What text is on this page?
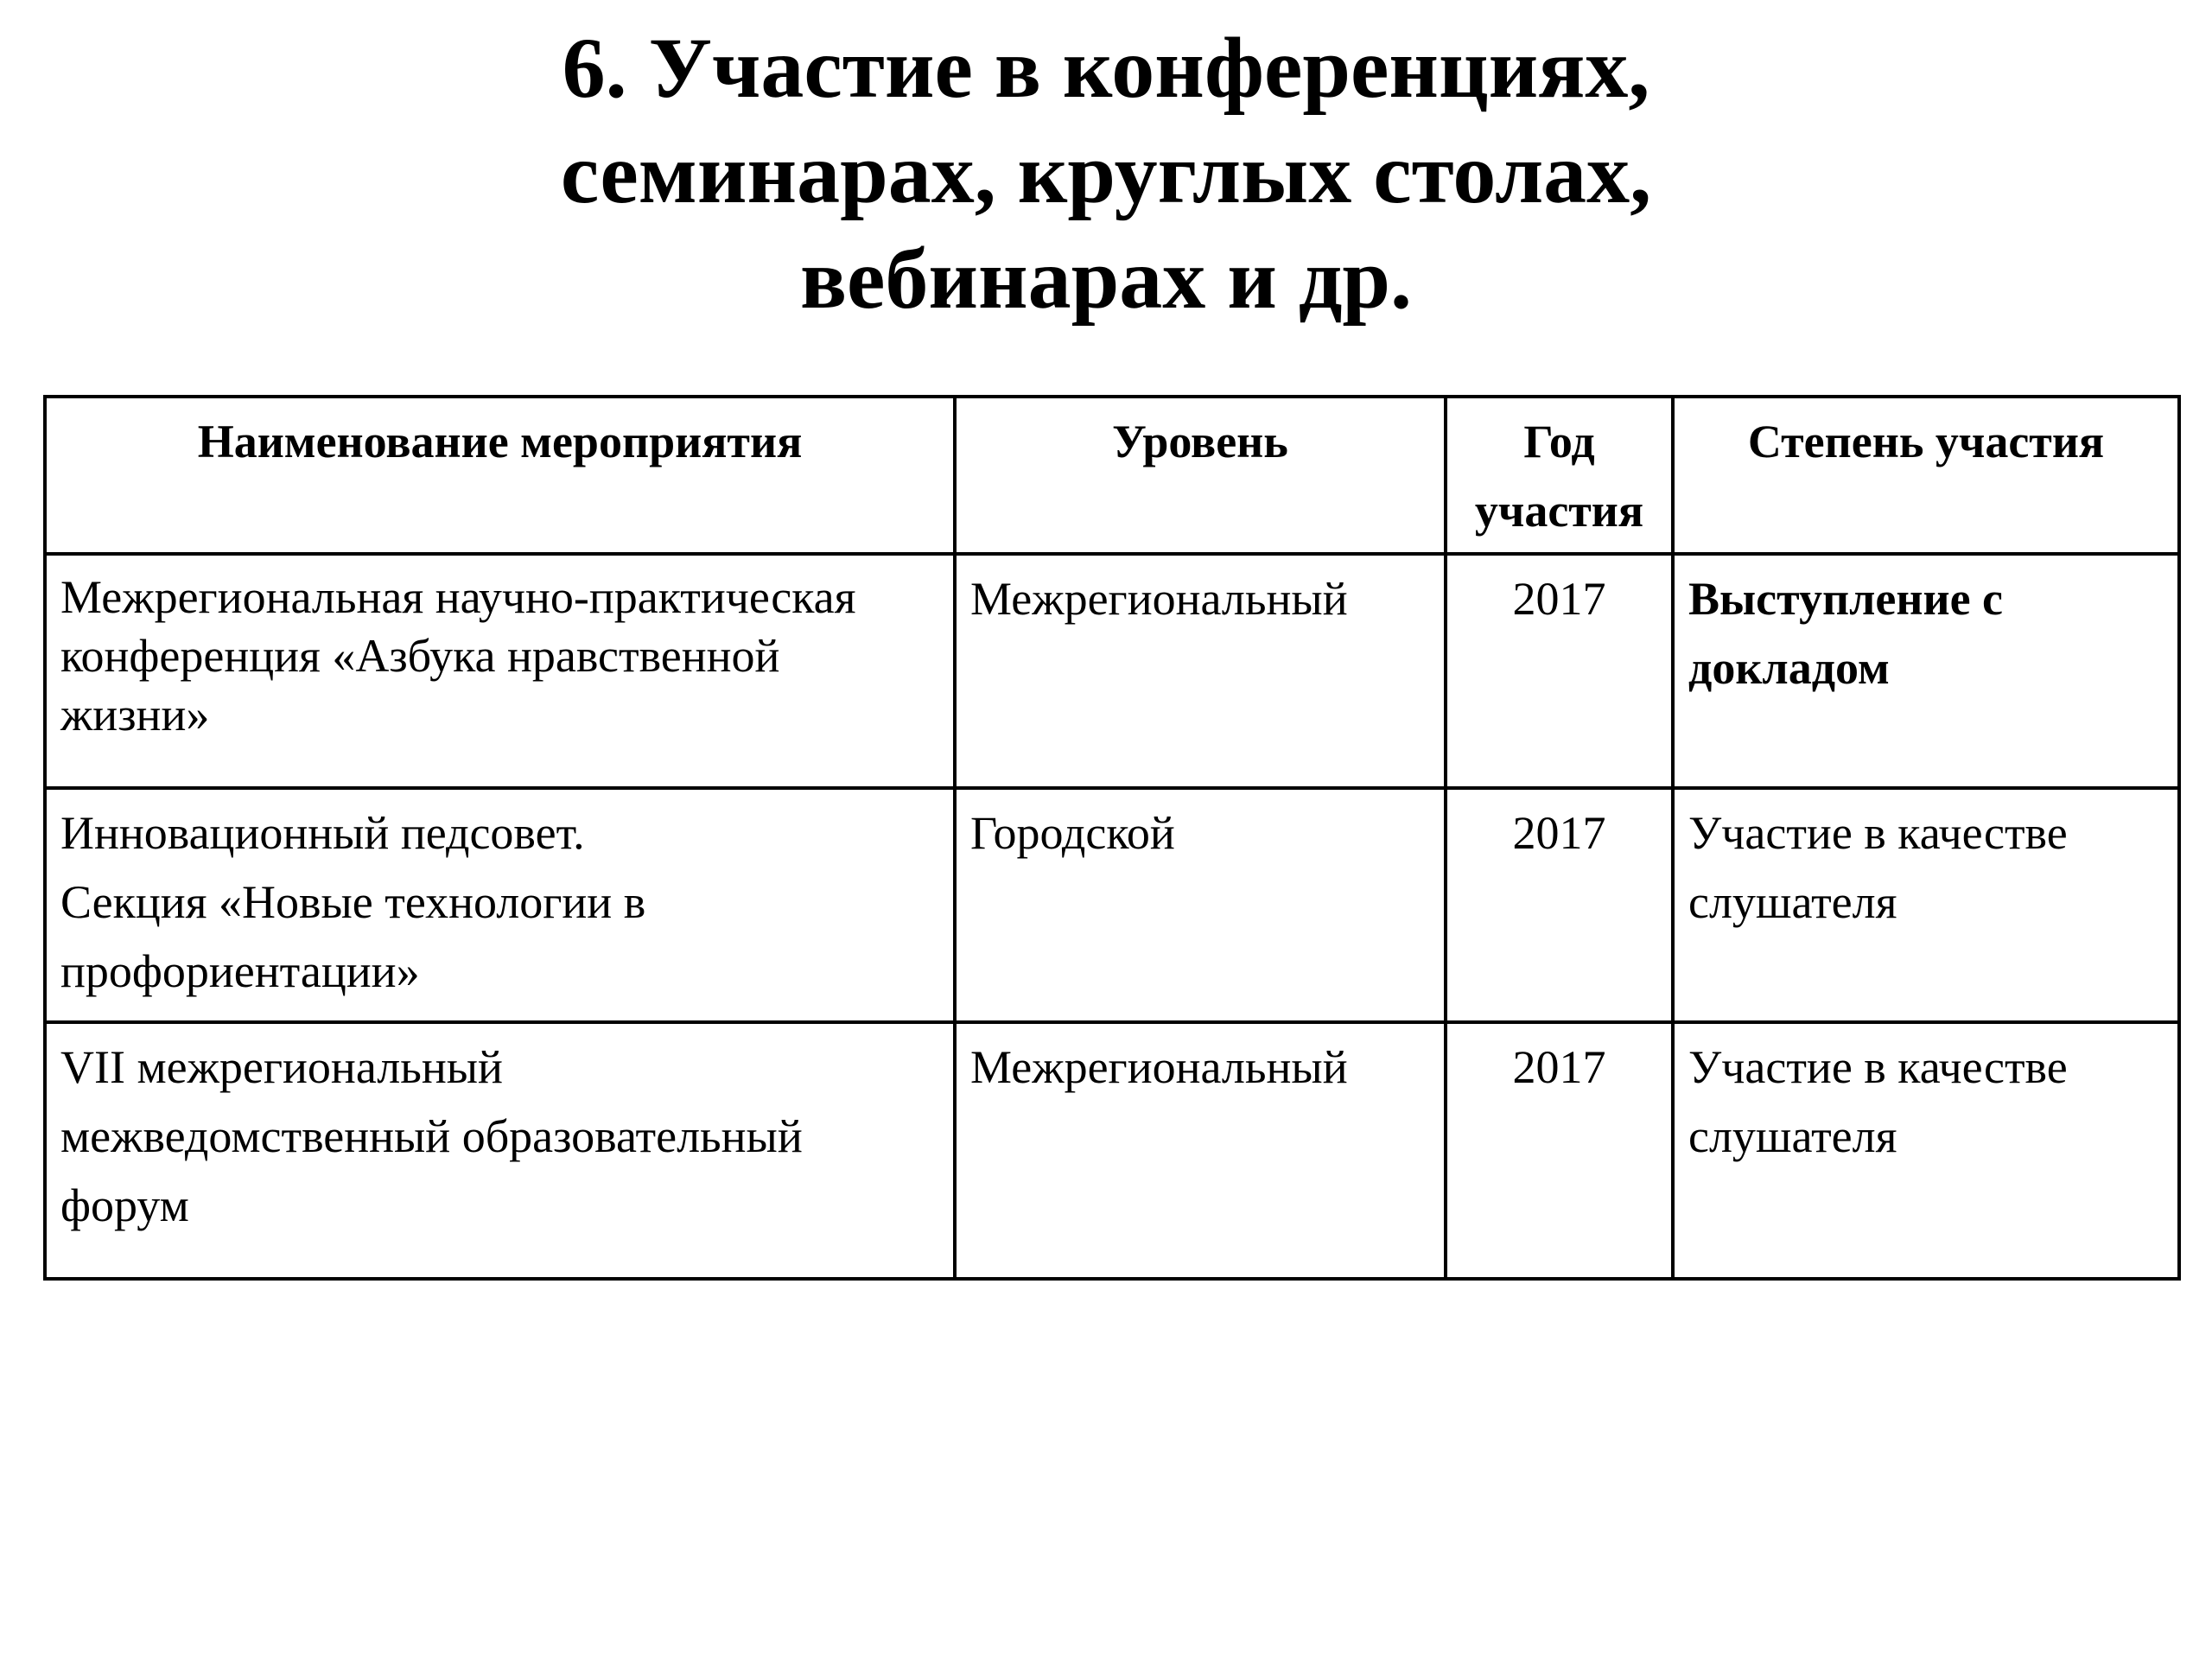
6. Участие в конференциях,
семинарах, круглых столах,
вебинарах и др.
Наименование мероприятия	Уровень	Год
участия	Степень участия

Межрегиональная научно-практическая
конференция «Азбука нравственной
жизни»	Межрегиональный	2017	Выступление с
докладом

Инновационный педсовет.
Секция «Новые технологии в
профориентации»	Городской	2017	Участие в качестве
слушателя

VII межрегиональный
межведомственный образовательный
форум	Межрегиональный	2017	Участие в качестве
слушателя
